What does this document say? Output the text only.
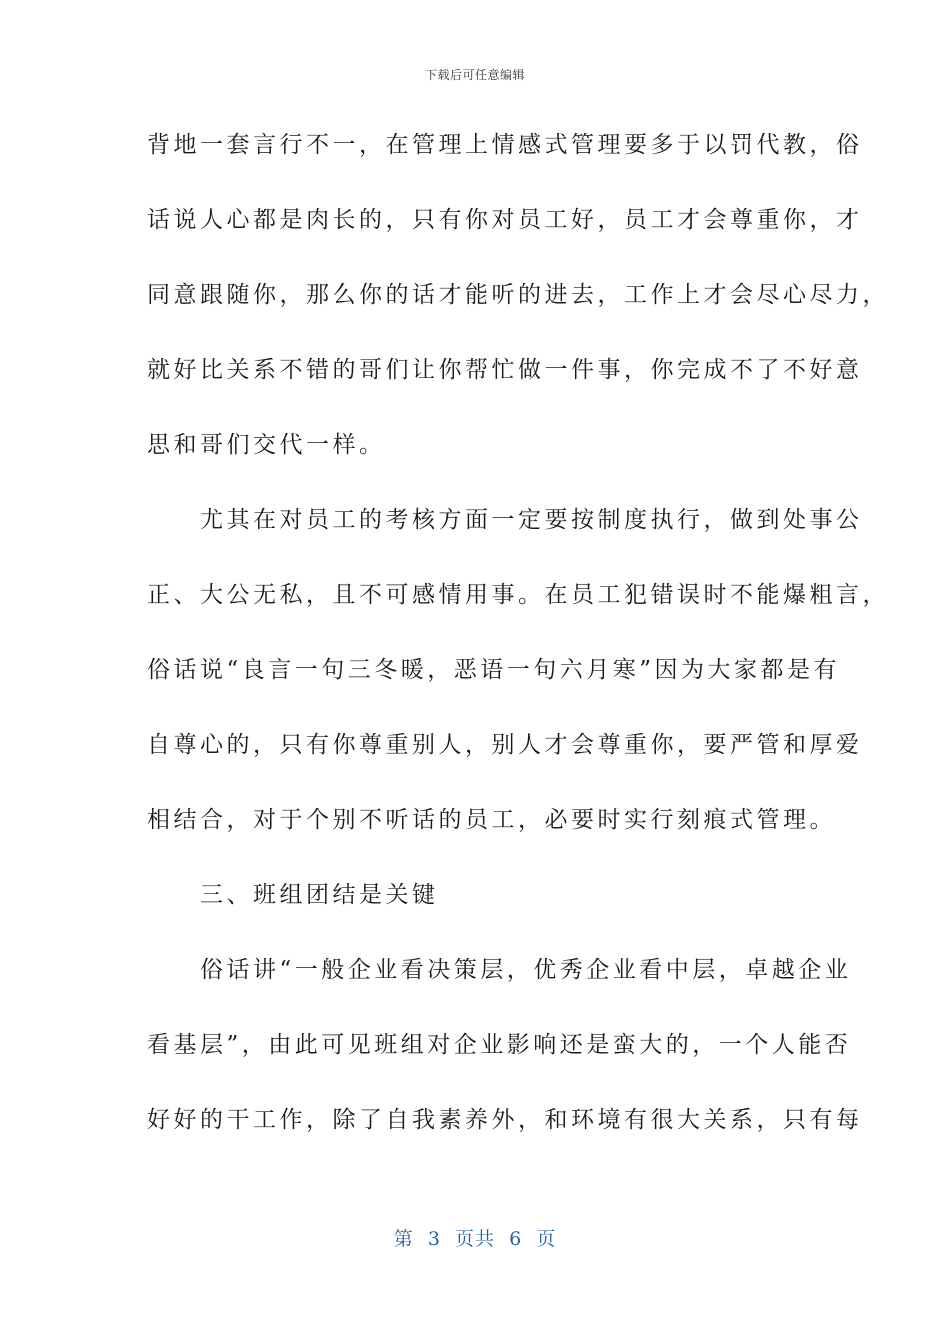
下载后可任意编辑
背地一套言行不一，在管理上情感式管理要多于以罚代教，俗
话说人心都是肉长的，只有你对员工好，员工才会尊重你，才
同意跟随你，那么你的话才能听的进去，工作上才会尽心尽力，
就好比关系不错的哥们让你帮忙做一件事，你完成不了不好意
思和哥们交代一样。
　　尤其在对员工的考核方面一定要按制度执行，做到处事公
正、大公无私，且不可感情用事。在员工犯错误时不能爆粗言，
俗话说“良言一句三冬暖，恶语一句六月寒”因为大家都是有
自尊心的，只有你尊重别人，别人才会尊重你，要严管和厚爱
相结合，对于个别不听话的员工，必要时实行刻痕式管理。
　　三、班组团结是关键
　　俗话讲“一般企业看决策层，优秀企业看中层，卓越企业
看基层”，由此可见班组对企业影响还是蛮大的，一个人能否
好好的干工作，除了自我素养外，和环境有很大关系，只有每
第  3  页共  6  页
